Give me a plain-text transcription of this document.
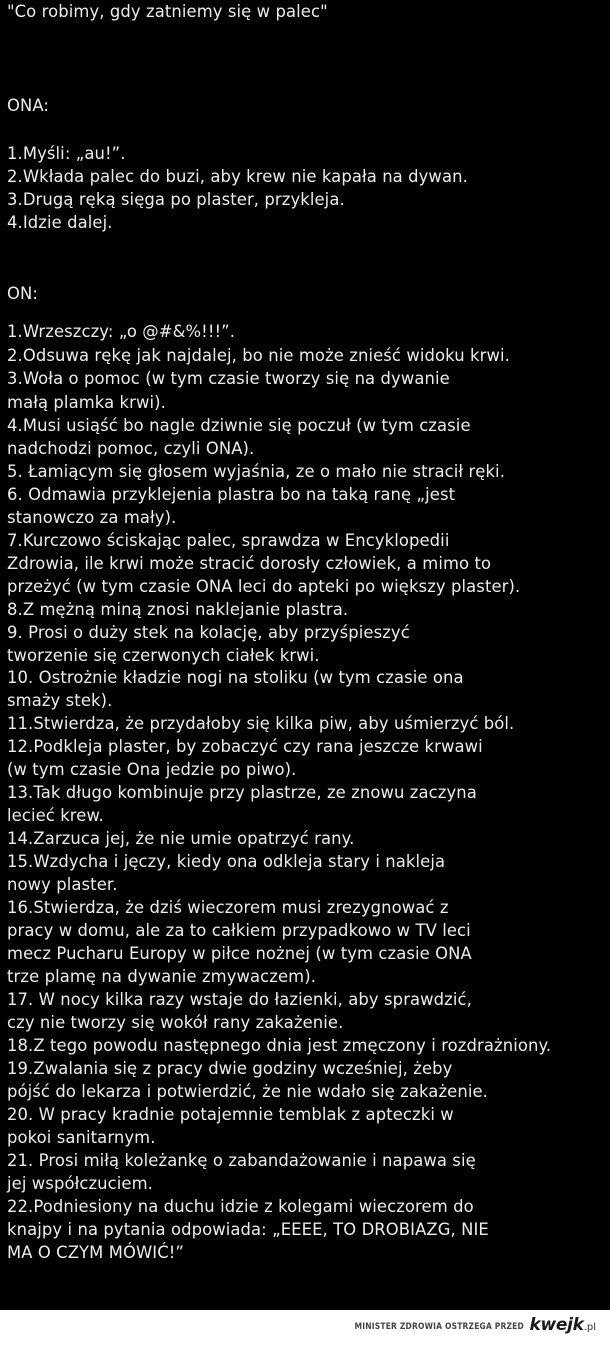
"Co robimy, gdy zatniemy się w palec"
ONA:
1.Myśli: „au!”.
2.Wkłada palec do buzi, aby krew nie kapała na dywan.
3.Drugą ręką sięga po plaster, przykleja.
4.Idzie dalej.
ON:
1.Wrzeszczy: „o @#&%!!!”.
2.Odsuwa rękę jak najdalej, bo nie może znieść widoku krwi.
3.Woła o pomoc (w tym czasie tworzy się na dywanie
małą plamka krwi).
4.Musi usiąść bo nagle dziwnie się poczuł (w tym czasie
nadchodzi pomoc, czyli ONA).
5. Łamiącym się głosem wyjaśnia, ze o mało nie stracił ręki.
6. Odmawia przyklejenia plastra bo na taką ranę „jest
stanowczo za mały).
7.Kurczowo ściskając palec, sprawdza w Encyklopedii
Zdrowia, ile krwi może stracić dorosły człowiek, a mimo to
przeżyć (w tym czasie ONA leci do apteki po większy plaster).
8.Z mężną miną znosi naklejanie plastra.
9. Prosi o duży stek na kolację, aby przyśpieszyć
tworzenie się czerwonych ciałek krwi.
10. Ostrożnie kładzie nogi na stoliku (w tym czasie ona
smaży stek).
11.Stwierdza, że przydałoby się kilka piw, aby uśmierzyć ból.
12.Podkleja plaster, by zobaczyć czy rana jeszcze krwawi
(w tym czasie Ona jedzie po piwo).
13.Tak długo kombinuje przy plastrze, ze znowu zaczyna
lecieć krew.
14.Zarzuca jej, że nie umie opatrzyć rany.
15.Wzdycha i jęczy, kiedy ona odkleja stary i nakleja
nowy plaster.
16.Stwierdza, że dziś wieczorem musi zrezygnować z
pracy w domu, ale za to całkiem przypadkowo w TV leci
mecz Pucharu Europy w piłce nożnej (w tym czasie ONA
trze plamę na dywanie zmywaczem).
17. W nocy kilka razy wstaje do łazienki, aby sprawdzić,
czy nie tworzy się wokół rany zakażenie.
18.Z tego powodu następnego dnia jest zmęczony i rozdrażniony.
19.Zwalania się z pracy dwie godziny wcześniej, żeby
pójść do lekarza i potwierdzić, że nie wdało się zakażenie.
20. W pracy kradnie potajemnie temblak z apteczki w
pokoi sanitarnym.
21. Prosi miłą koleżankę o zabandażowanie i napawa się
jej współczuciem.
22.Podniesiony na duchu idzie z kolegami wieczorem do
knajpy i na pytania odpowiada: „EEEE, TO DROBIAZG, NIE
MA O CZYM MÓWIĆ!”
MINISTER ZDROWIA OSTRZEGA PRZED kwejk.pl
